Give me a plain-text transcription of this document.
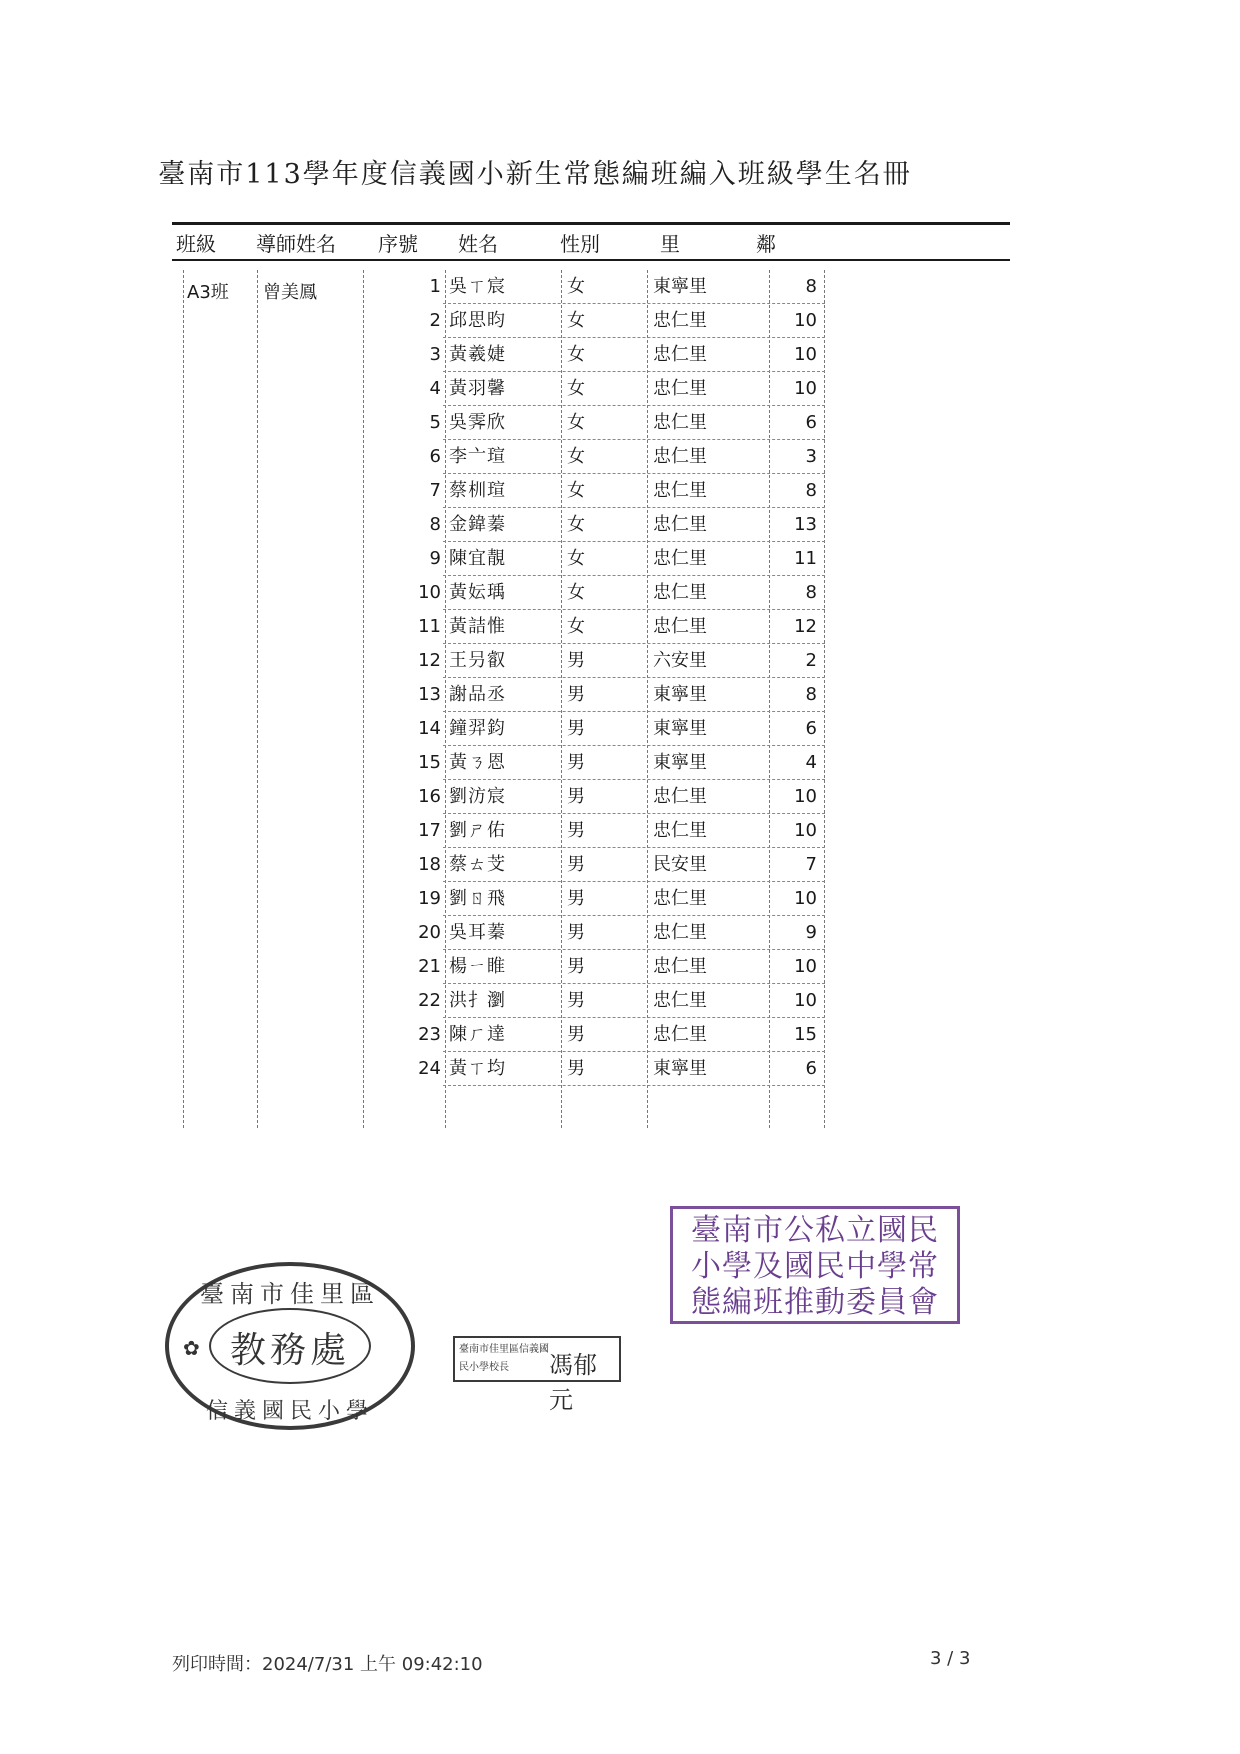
臺南市113學年度信義國小新生常態編班編入班級學生名冊
班級 導師姓名 序號 姓名	性別	里	鄰
A3班 曾美鳳	1 吳ㄒ宸	女	東寧里	8
2 邱思昀	女	忠仁里	10
3 黃羲婕	女	忠仁里	10
4 黃羽馨	女	忠仁里	10
5 吳霁欣	女	忠仁里	6
6 李亠瑄	女	忠仁里	3
7 蔡杊瑄	女	忠仁里	8
8 金鍏蓁	女	忠仁里	13
9 陳宜靚	女	忠仁里	11
10 黃妘瑀	女	忠仁里	8
11 黃詰惟	女	忠仁里	12
12 王叧叡	男	六安里	2
13 謝品丞	男	東寧里	8
14 鐘羿鈞	男	東寧里	6
15 黃ㄋ恩	男	東寧里	4
16 劉汸宸	男	忠仁里	10
17 劉ㄕ佑	男	忠仁里	10
18 蔡ㄊ芠	男	民安里	7
19 劉ㄖ飛	男	忠仁里	10
20 吳耳蓁	男	忠仁里	9
21 楊ㄧ睢	男	忠仁里	10
22 洪扌瀏	男	忠仁里	10
23 陳ㄏ達	男	忠仁里	15
24 黃ㄒ均	男	東寧里	6
臺南市佳里區
✿ 教務處
信義國民小學
臺南市公私立國民
小學及國民中學常
態編班推動委員會
臺南市佳里區信義國民小學校長	馮郁元
列印時間：2024/7/31 上午 09:42:10	3 / 3
